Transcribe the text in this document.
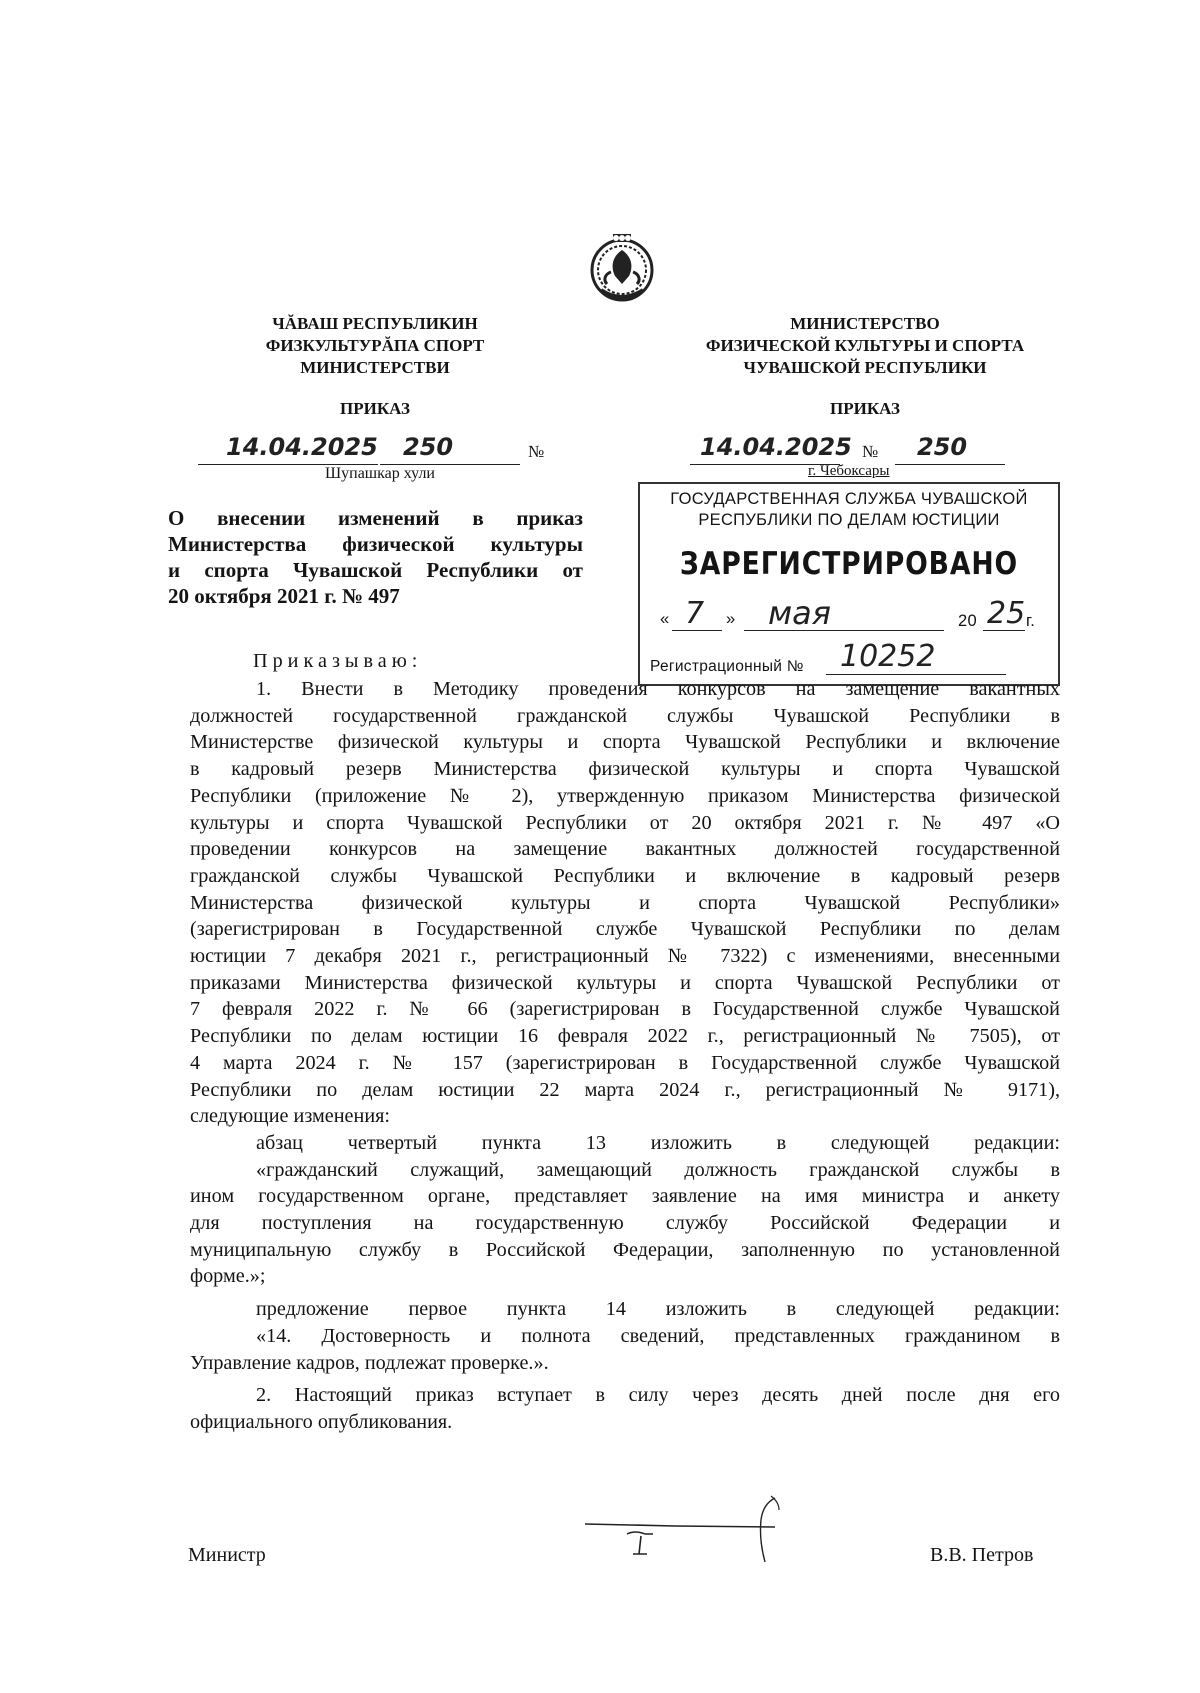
ЧĂВАШ РЕСПУБЛИКИН
ФИЗКУЛЬТУРĂПА СПОРТ
МИНИСТЕРСТВИ
ПРИКАЗ
14.04.2025 250	№
Шупашкар хули
МИНИСТЕРСТВО
ФИЗИЧЕСКОЙ КУЛЬТУРЫ И СПОРТА
ЧУВАШСКОЙ РЕСПУБЛИКИ
ПРИКАЗ
14.04.2025 № 250
г. Чебоксары
О внесении изменений в приказ
Министерства физической культуры
и спорта Чувашской Республики от
20 октября 2021 г. № 497
ГОСУДАРСТВЕННАЯ СЛУЖБА ЧУВАШСКОЙ
РЕСПУБЛИКИ ПО ДЕЛАМ ЮСТИЦИИ
ЗАРЕГИСТРИРОВАНО
« 7 » мая	20 25 г.
Регистрационный № 10252
Приказываю:
1. Внести в Методику проведения конкурсов на замещение вакантных
должностей государственной гражданской службы Чувашской Республики в
Министерстве физической культуры и спорта Чувашской Республики и включение
в кадровый резерв Министерства физической культуры и спорта Чувашской
Республики (приложение № 2), утвержденную приказом Министерства физической
культуры и спорта Чувашской Республики от 20 октября 2021 г. № 497 «О
проведении конкурсов на замещение вакантных должностей государственной
гражданской службы Чувашской Республики и включение в кадровый резерв
Министерства физической культуры и спорта Чувашской Республики»
(зарегистрирован в Государственной службе Чувашской Республики по делам
юстиции 7 декабря 2021 г., регистрационный № 7322) с изменениями, внесенными
приказами Министерства физической культуры и спорта Чувашской Республики от
7 февраля 2022 г. № 66 (зарегистрирован в Государственной службе Чувашской
Республики по делам юстиции 16 февраля 2022 г., регистрационный № 7505), от
4 марта 2024 г. № 157 (зарегистрирован в Государственной службе Чувашской
Республики по делам юстиции 22 марта 2024 г., регистрационный № 9171),
следующие изменения:
абзац четвертый пункта 13 изложить в следующей редакции:
«гражданский служащий, замещающий должность гражданской службы в
ином государственном органе, представляет заявление на имя министра и анкету
для поступления на государственную службу Российской Федерации и
муниципальную службу в Российской Федерации, заполненную по установленной
форме.»;
предложение первое пункта 14 изложить в следующей редакции:
«14. Достоверность и полнота сведений, представленных гражданином в
Управление кадров, подлежат проверке.».
2. Настоящий приказ вступает в силу через десять дней после дня его
официального опубликования.
Министр	В.В. Петров
